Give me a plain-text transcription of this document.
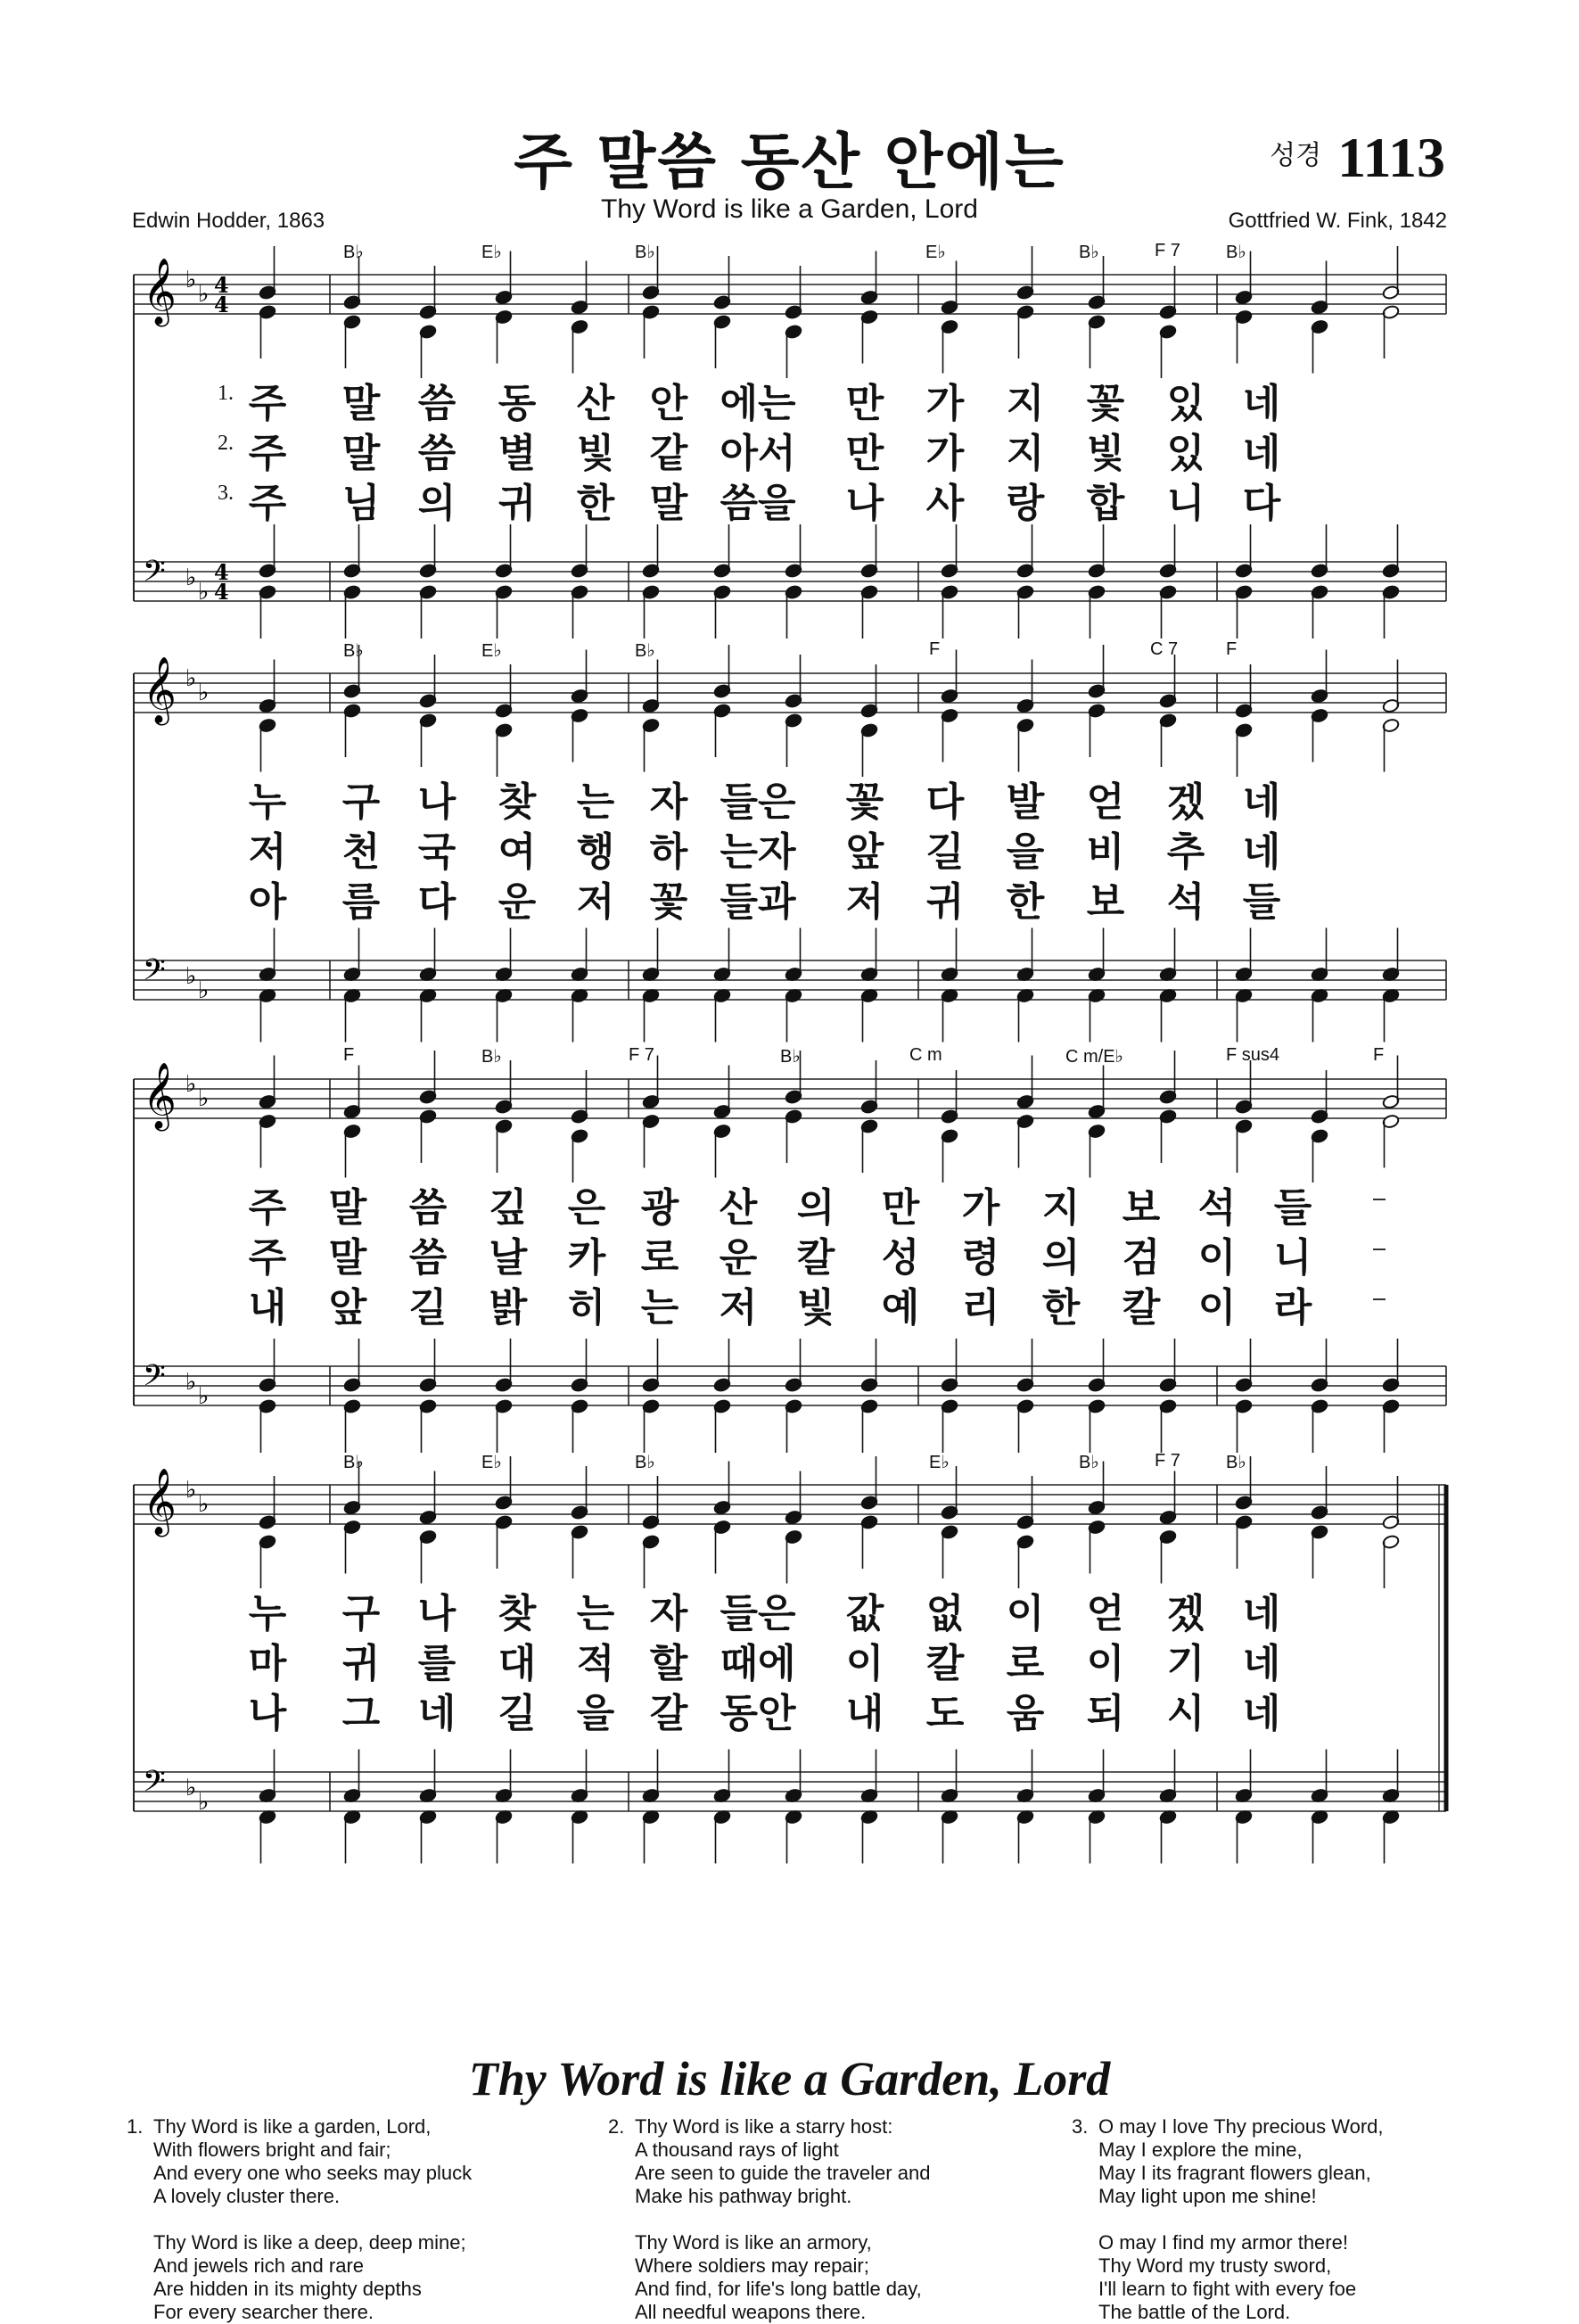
주 말씀 동산 안에는
Thy Word is like a Garden, Lord
성경 1113
Edwin Hodder, 1863	Gottfried W. Fink, 1842
𝄞 ♭
♭
𝄢 ♭
♭
4
4
4
4
B♭	E♭	B♭	E♭	B♭	F 7	B♭
1. 주	말 씀	동	산 안 에는	만	가	지	꽃	있 네
2. 주	말 씀	별	빛 같 아서	만	가	지	빛	있 네
3. 주	님 의	귀	한 말 씀을	나	사	랑	합	니 다
𝄞 ♭
♭
𝄢 ♭
♭
B♭	E♭	B♭	F	C 7	F
누	구 나	찾	는 자 들은	꽃	다	발	얻	겠 네
저	천 국	여	행 하 는자	앞	길	을	비	추 네
아	름 다	운	저 꽃 들과	저	귀	한	보	석 들
𝄞 ♭
♭
𝄢 ♭
♭
F	B♭	F 7	B♭	C m	C m/E♭	F sus4	F
주	말	씀	깊	은 광	산	의	만	가	지	보 석 들
주	말	씀	날	카 로	운	칼	성	령	의	검 이 니
내	앞	길	밝	히 는	저	빛	예	리	한	칼 이 라
𝄞 ♭
♭
𝄢 ♭
♭
B♭	E♭	B♭	E♭	B♭	F 7	B♭
누	구 나	찾	는 자 들은	값	없	이	얻	겠 네
마	귀 를	대	적 할 때에	이	칼	로	이	기 네
나	그 네	길	을 갈 동안	내	도	움	되	시 네
Thy Word is like a Garden, Lord
1. Thy Word is like a garden, Lord,
With flowers bright and fair;
And every one who seeks may pluck
A lovely cluster there.
Thy Word is like a deep, deep mine;
And jewels rich and rare
Are hidden in its mighty depths
For every searcher there.
2. Thy Word is like a starry host:
A thousand rays of light
Are seen to guide the traveler and
Make his pathway bright.
Thy Word is like an armory,
Where soldiers may repair;
And find, for life's long battle day,
All needful weapons there.
3. O may I love Thy precious Word,
May I explore the mine,
May I its fragrant flowers glean,
May light upon me shine!
O may I find my armor there!
Thy Word my trusty sword,
I'll learn to fight with every foe
The battle of the Lord.
